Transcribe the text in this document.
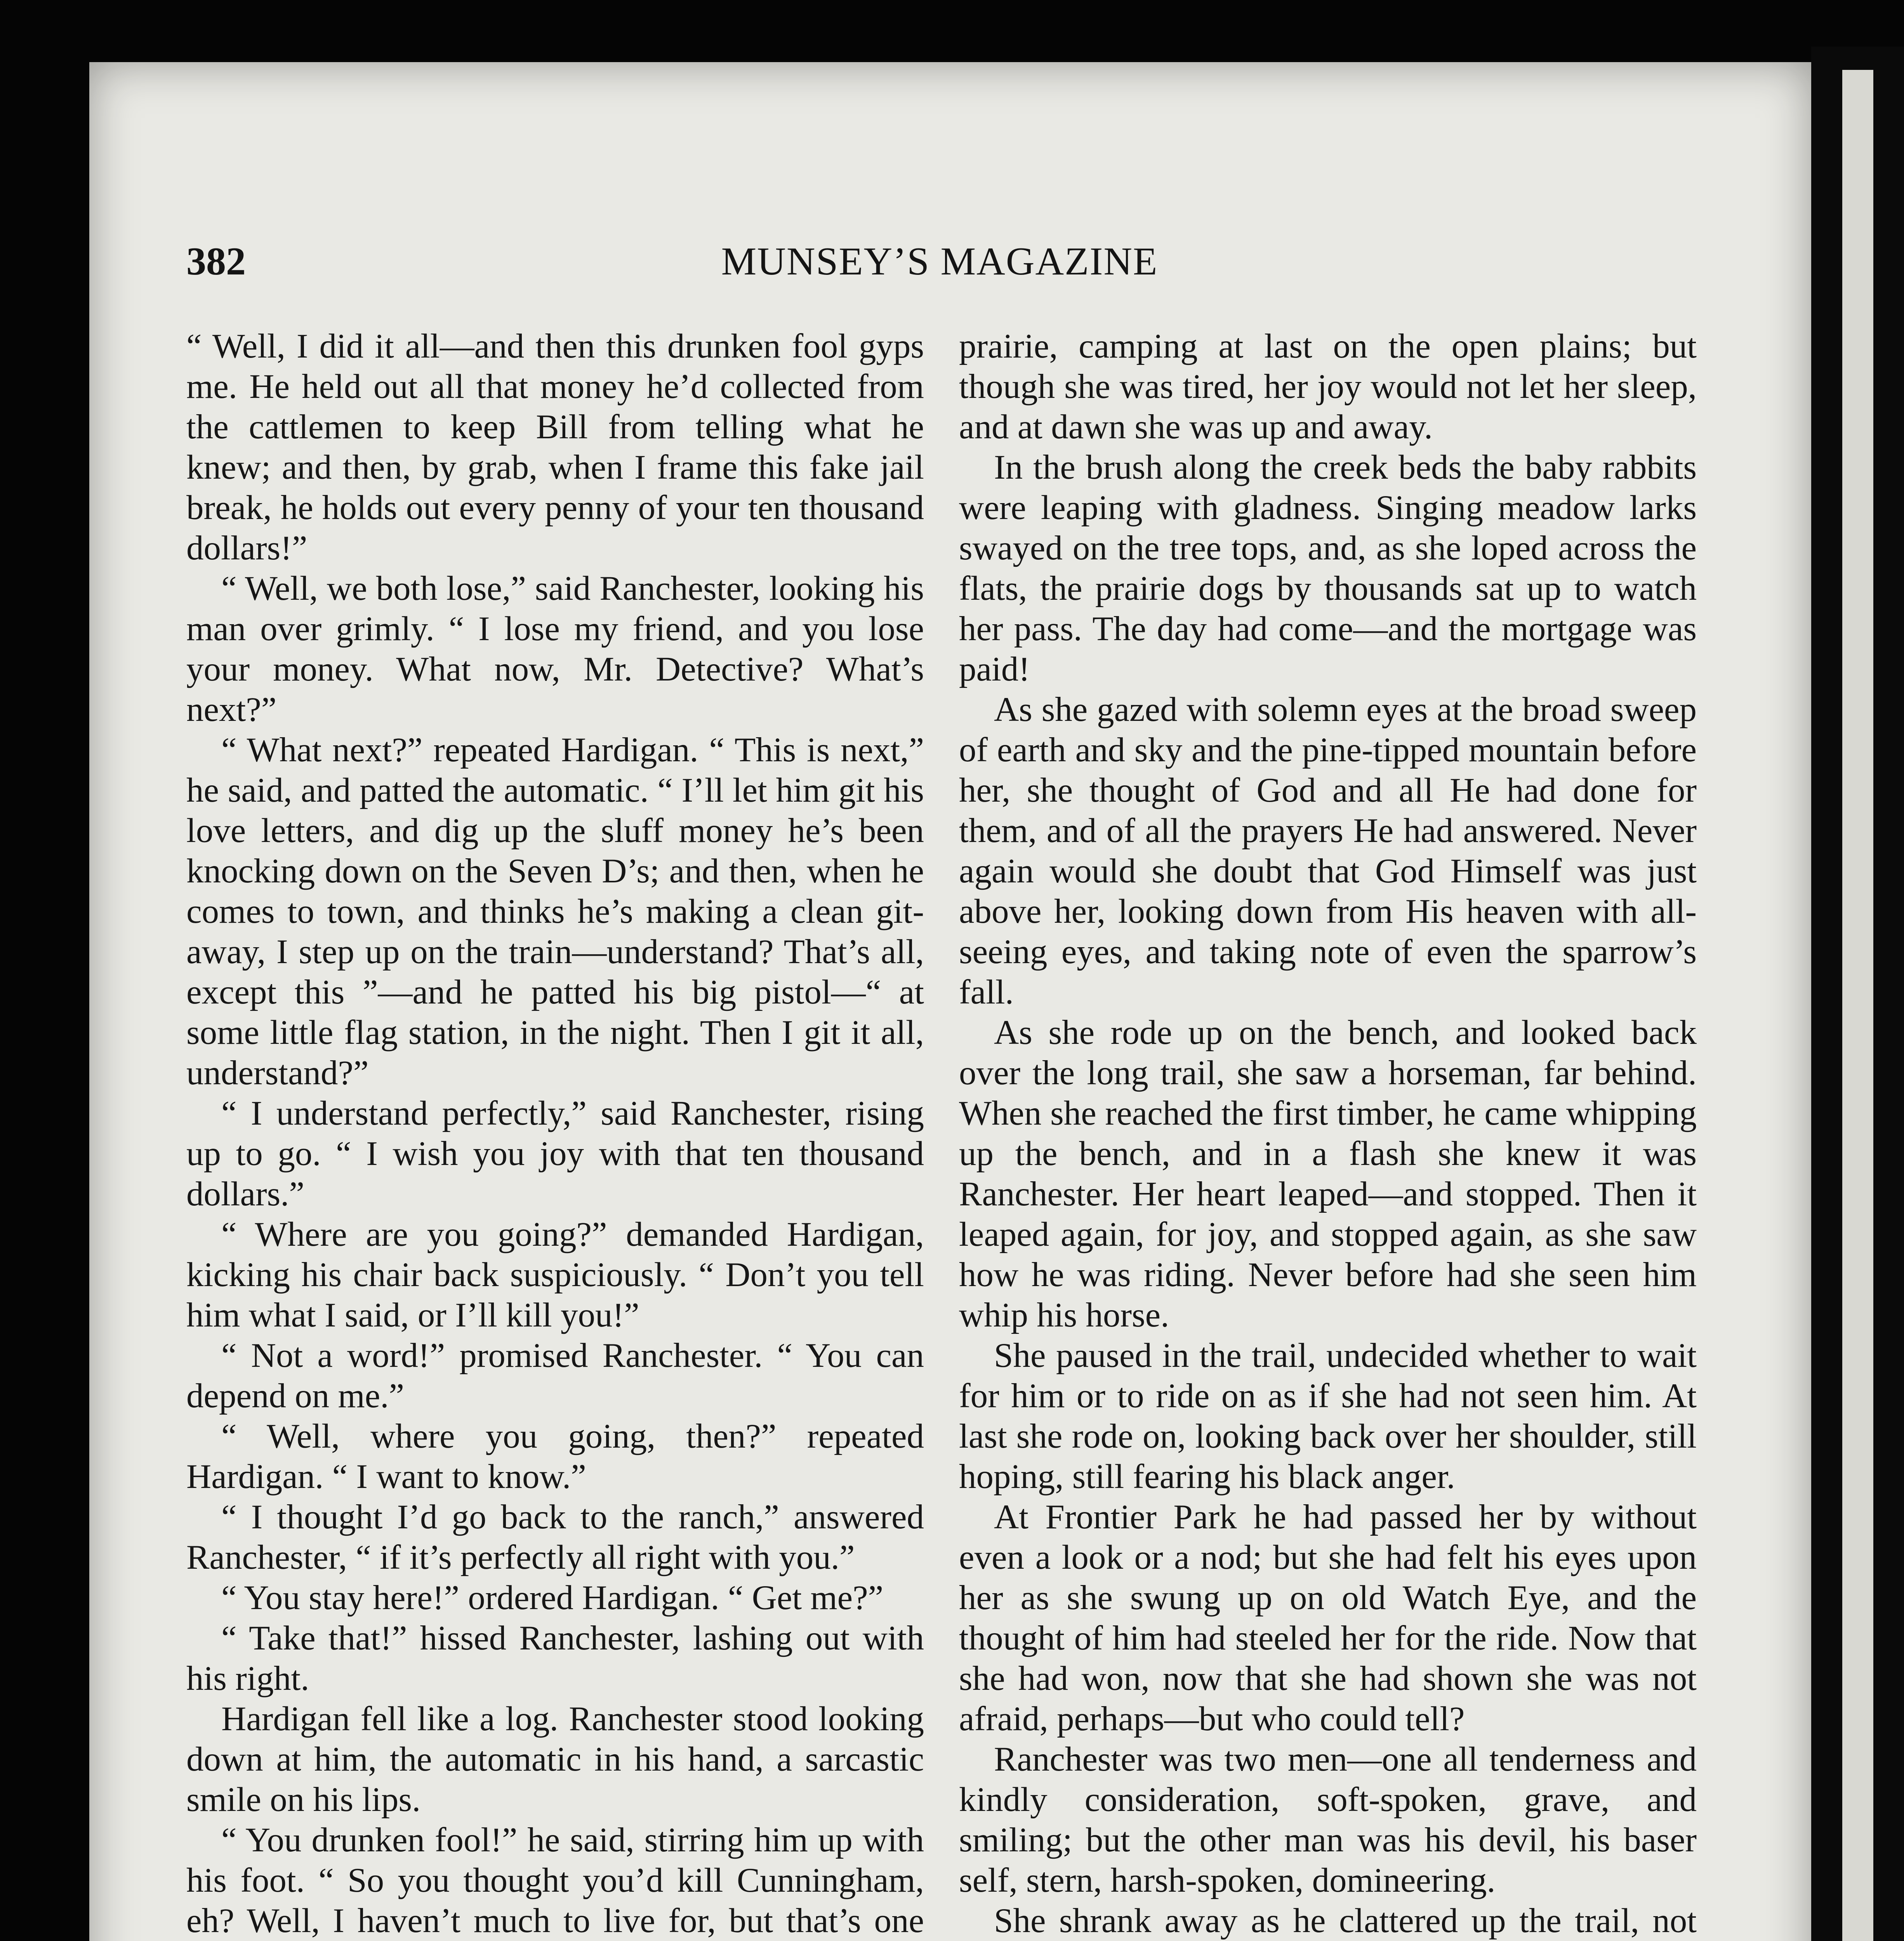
382	MUNSEY’S MAGAZINE

“ Well, I did it all—and then this drunken fool gyps me. He held out all that money he’d collected from the cattlemen to keep Bill from telling what he knew; and then, by grab, when I frame this fake jail break, he holds out every penny of your ten thousand dollars!”

“ Well, we both lose,” said Ranchester, looking his man over grimly. “ I lose my friend, and you lose your money. What now, Mr. Detective? What’s next?”

“ What next?” repeated Hardigan. “ This is next,” he said, and patted the automatic. “ I’ll let him git his love letters, and dig up the sluff money he’s been knocking down on the Seven D’s; and then, when he comes to town, and thinks he’s making a clean git-away, I step up on the train—understand? That’s all, except this ”—and he patted his big pistol—“ at some little flag station, in the night. Then I git it all, understand?”

“ I understand perfectly,” said Ranchester, rising up to go. “ I wish you joy with that ten thousand dollars.”

“ Where are you going?” demanded Hardigan, kicking his chair back suspiciously. “ Don’t you tell him what I said, or I’ll kill you!”

“ Not a word!” promised Ranchester. “ You can depend on me.”

“ Well, where you going, then?” repeated Hardigan. “ I want to know.”

“ I thought I’d go back to the ranch,” answered Ranchester, “ if it’s perfectly all right with you.”

“ You stay here!” ordered Hardigan. “ Get me?”

“ Take that!” hissed Ranchester, lashing out with his right.

Hardigan fell like a log. Ranchester stood looking down at him, the automatic in his hand, a sarcastic smile on his lips.

“ You drunken fool!” he said, stirring him up with his foot. “ So you thought you’d kill Cunningham, eh? Well, I haven’t much to live for, but that’s one

prairie, camping at last on the open plains; but though she was tired, her joy would not let her sleep, and at dawn she was up and away.

In the brush along the creek beds the baby rabbits were leaping with gladness. Singing meadow larks swayed on the tree tops, and, as she loped across the flats, the prairie dogs by thousands sat up to watch her pass. The day had come—and the mortgage was paid!

As she gazed with solemn eyes at the broad sweep of earth and sky and the pine-tipped mountain before her, she thought of God and all He had done for them, and of all the prayers He had answered. Never again would she doubt that God Himself was just above her, looking down from His heaven with all-seeing eyes, and taking note of even the sparrow’s fall.

As she rode up on the bench, and looked back over the long trail, she saw a horseman, far behind. When she reached the first timber, he came whipping up the bench, and in a flash she knew it was Ranchester. Her heart leaped—and stopped. Then it leaped again, for joy, and stopped again, as she saw how he was riding. Never before had she seen him whip his horse.

She paused in the trail, undecided whether to wait for him or to ride on as if she had not seen him. At last she rode on, looking back over her shoulder, still hoping, still fearing his black anger.

At Frontier Park he had passed her by without even a look or a nod; but she had felt his eyes upon her as she swung up on old Watch Eye, and the thought of him had steeled her for the ride. Now that she had won, now that she had shown she was not afraid, perhaps—but who could tell?

Ranchester was two men—one all tenderness and kindly consideration, soft-spoken, grave, and smiling; but the other man was his devil, his baser self, stern, harsh-spoken, domineering.

She shrank away as he clattered up the trail, not
